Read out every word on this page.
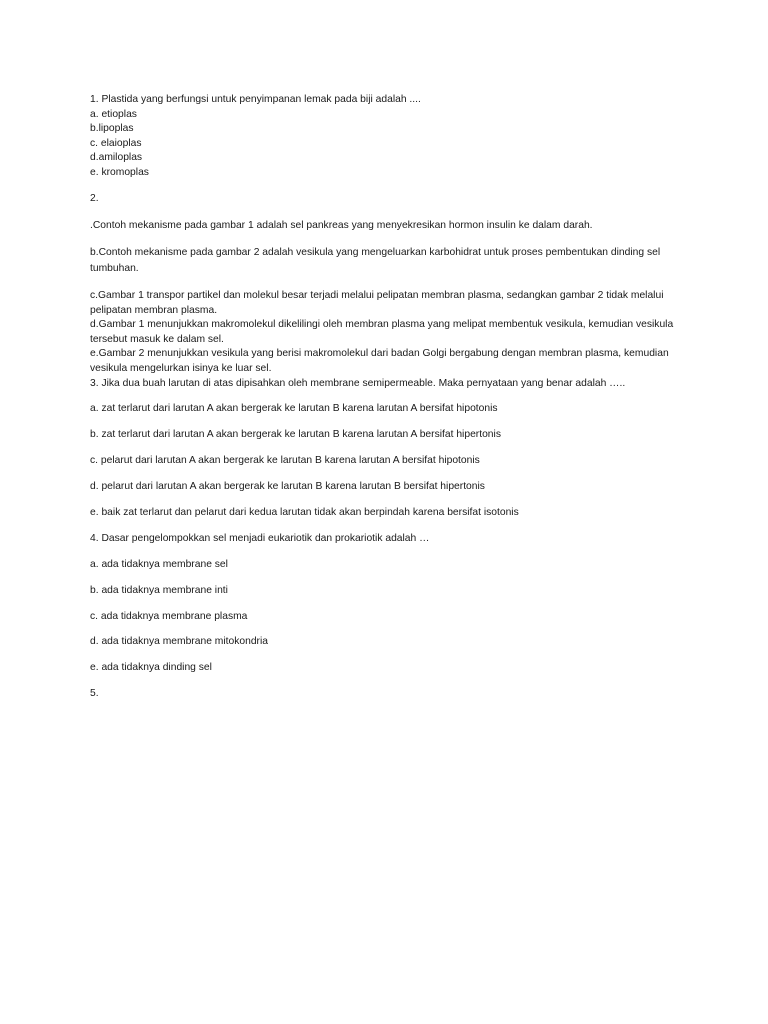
1. Plastida yang berfungsi untuk penyimpanan lemak pada biji adalah ....
a. etioplas
b.lipoplas
c. elaioplas
d.amiloplas
e. kromoplas
2.
.Contoh mekanisme pada gambar 1 adalah sel pankreas yang menyekresikan hormon insulin ke dalam darah.
b.Contoh mekanisme pada gambar 2 adalah vesikula yang mengeluarkan karbohidrat untuk proses pembentukan dinding sel tumbuhan.
c.Gambar 1 transpor partikel dan molekul besar terjadi melalui pelipatan membran plasma, sedangkan gambar 2 tidak melalui pelipatan membran plasma.
d.Gambar 1 menunjukkan makromolekul dikelilingi oleh membran plasma yang melipat membentuk vesikula, kemudian vesikula tersebut masuk ke dalam sel.
e.Gambar 2 menunjukkan vesikula yang berisi makromolekul dari badan Golgi bergabung dengan membran plasma, kemudian vesikula mengelurkan isinya ke luar sel.
3. Jika dua buah larutan di atas dipisahkan oleh membrane semipermeable. Maka pernyataan yang benar adalah …..
a. zat terlarut dari larutan A akan bergerak ke larutan B karena larutan A bersifat hipotonis
b. zat terlarut dari larutan A akan bergerak ke larutan B karena larutan A bersifat hipertonis
c. pelarut dari larutan A akan bergerak ke larutan B karena larutan A bersifat hipotonis
d. pelarut dari larutan A akan bergerak ke larutan B karena larutan B bersifat hipertonis
e. baik zat terlarut dan pelarut dari kedua larutan tidak akan berpindah karena bersifat isotonis
4. Dasar pengelompokkan sel menjadi eukariotik dan prokariotik adalah …
a. ada tidaknya membrane sel
b. ada tidaknya membrane inti
c. ada tidaknya membrane plasma
d. ada tidaknya membrane mitokondria
e. ada tidaknya dinding sel
5.
